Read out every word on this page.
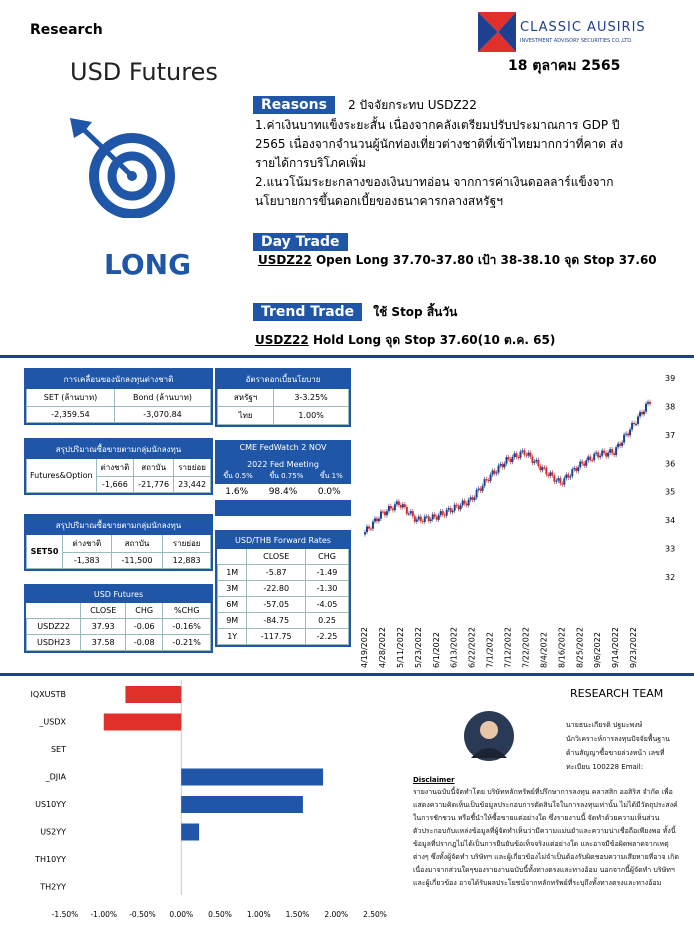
Research
USD Futures
CLASSIC AUSIRIS
INVESTMENT ADVISORY SECURITIES CO.,LTD.
18 ตุลาคม 2565
LONG
Reasons 2 ปัจจัยกระทบ USDZ22
1.ค่าเงินบาทแข็งระยะสั้น เนื่องจากคลังเตรียมปรับประมาณการ GDP ปี
2565 เนื่องจากจำนวนผู้นักท่องเที่ยวต่างชาติที่เข้าไทยมากกว่าที่คาด ส่ง
รายได้การบริโภคเพิ่ม
2.แนวโน้มระยะกลางของเงินบาทอ่อน จากการค่าเงินดอลลาร์แข็งจาก
นโยบายการขึ้นดอกเบี้ยของธนาคารกลางสหรัฐฯ
Day Trade
USDZ22 Open Long 37.70-37.80 เป้า 38-38.10 จุด Stop 37.60
Trend Trade ใช้ Stop สิ้นวัน
USDZ22 Hold Long จุด Stop 37.60(10 ต.ค. 65)
การเคลื่อนของนักลงทุนต่างชาติ	
SET (ล้านบาท)	Bond (ล้านบาท)
-2,359.54	-3,070.84
อัตราดอกเบี้ยนโยบาย	
สหรัฐฯ	3-3.25%
ไทย	1.00%
สรุปปริมาณซื้อขายตามกลุ่มนักลงทุน			
Futures&Option	ต่างชาติ	สถาบัน	รายย่อย
	-1,666	-21,776	23,442
CME FedWatch 2 NOV
2022 Fed Meeting
ขึ้น 0.5% ขึ้น 0.75% ขึ้น 1%
1.6% 98.4% 0.0%
สรุปปริมาณซื้อขายตามกลุ่มนักลงทุน			
SET50	ต่างชาติ	สถาบัน	รายย่อย
	-1,383	-11,500	12,883
USD/THB Forward Rates		
	CLOSE	CHG
1M	-5.87	-1.49
3M	-22.80	-1.30
6M	-57.05	-4.05
9M	-84.75	0.25
1Y	-117.75	-2.25
USD Futures			
	CLOSE	CHG	%CHG
USDZ22	37.93	-0.06	-0.16%
USDH23	37.58	-0.08	-0.21%
32
33
34
35
36
37
38
39
4/19/2022 4/28/2022 5/11/2022 5/23/2022 6/1/2022 6/13/2022 6/22/2022 7/1/2022 7/12/2022 7/22/2022 8/4/2022 8/16/2022 8/25/2022 9/6/2022 9/14/2022 9/23/2022
IQXUSTB
_USDX
SET
_DJIA
US10YY
US2YY
TH10YY
TH2YY
-1.50% -1.00% -0.50% 0.00% 0.50% 1.00% 1.50% 2.00% 2.50%
RESEARCH TEAM
นายธนะเกียรติ ปฐมะพงษ์
นักวิเคราะห์การลงทุนปัจจัยพื้นฐาน
ด้านสัญญาซื้อขายล่วงหน้า เลขที่
ทะเบียน 100228 Email:
Disclaimer
รายงานฉบับนี้จัดทำโดย บริษัทหลักทรัพย์ที่ปรึกษาการลงทุน คลาสสิก ออสิริส จำกัด เพื่อแสดงความคิดเห็นเป็นข้อมูลประกอบการตัดสินใจในการลงทุนเท่านั้น ไม่ได้มีวัตถุประสงค์ในการชักชวน หรือชี้นำให้ซื้อขายแต่อย่างใด ซึ่งรายงานนี้ จัดทำด้วยความเห็นส่วนตัวประกอบกับแหล่งข้อมูลที่ผู้จัดทำเห็นว่ามีความแม่นยำและความน่าเชื่อถือเพียงพอ ทั้งนี้ข้อมูลที่ปรากฎไม่ได้เป็นการยืนยันข้อเท็จจริงแต่อย่างใด และอาจมีข้อผิดพลาดจากเหตุต่างๆ ซึ่งทั้งผู้จัดทำ บริษัทฯ และผู้เกี่ยวข้องไม่จำเป็นต้องรับผิดชอบความเสียหายที่อาจ เกิดเนื่องมาจากส่วนใดๆของรายงานฉบับนี้ทั้งทางตรงและทางอ้อม นอกจากนี้ผู้จัดทำ บริษัทฯ และผู้เกี่ยวข้อง อาจได้รับผลประโยชน์จากหลักทรัพย์ที่ระบุถึงทั้งทางตรงและทางอ้อม
